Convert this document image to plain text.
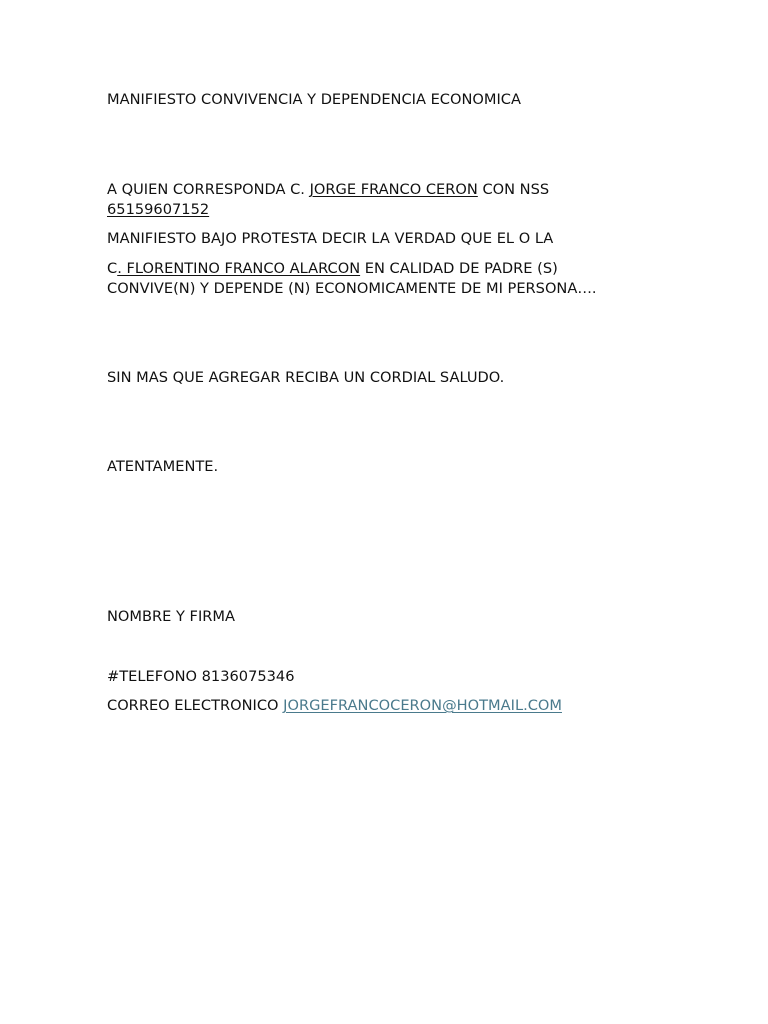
MANIFIESTO CONVIVENCIA Y DEPENDENCIA ECONOMICA
A QUIEN CORRESPONDA C. JORGE FRANCO CERON CON NSS
65159607152
MANIFIESTO BAJO PROTESTA DECIR LA VERDAD QUE EL O LA
C. FLORENTINO FRANCO ALARCON EN CALIDAD DE PADRE (S)
CONVIVE(N) Y DEPENDE (N) ECONOMICAMENTE DE MI PERSONA….
SIN MAS QUE AGREGAR RECIBA UN CORDIAL SALUDO.
ATENTAMENTE.
NOMBRE Y FIRMA
#TELEFONO 8136075346
CORREO ELECTRONICO JORGEFRANCOCERON@HOTMAIL.COM
